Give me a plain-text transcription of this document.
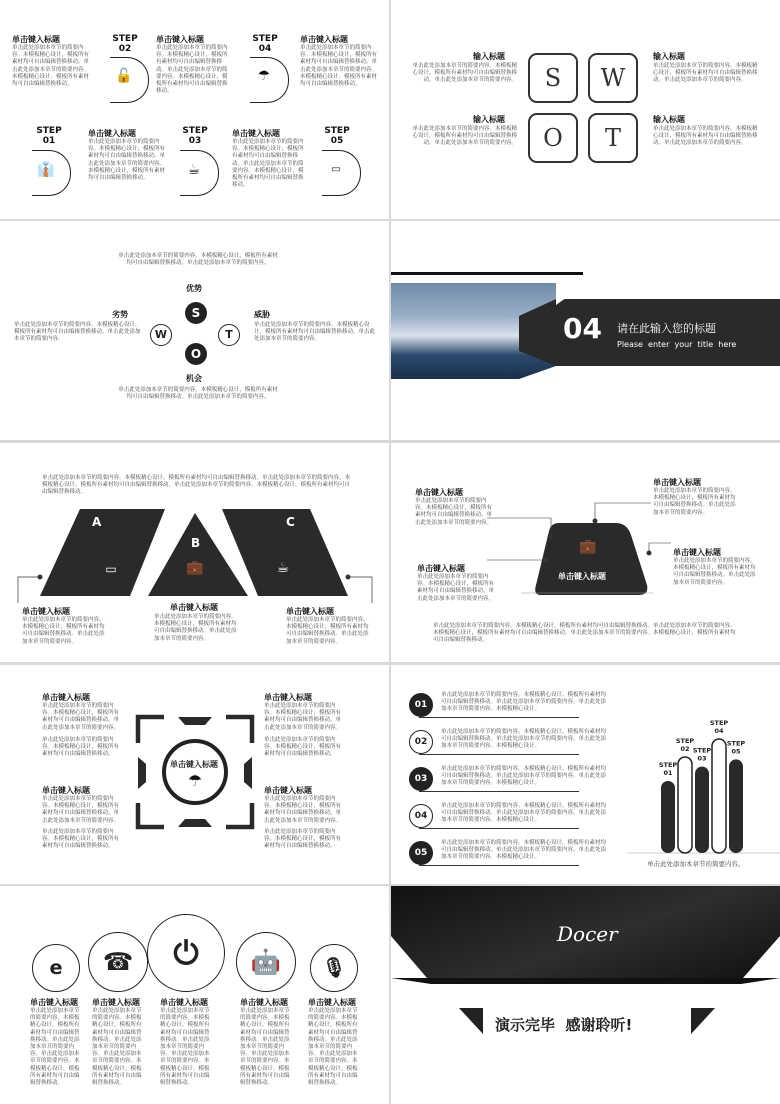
单击键入标题
单击此处添加本章节的简要内容。本模板精心设计，模板所有素材均可自由编辑替换移动。单击此处添加本章节的简要内容。本模板精心设计，模板所有素材均可自由编辑替换移动。
STEP
02
🔓
单击键入标题
单击此处添加本章节的简要内容。本模板精心设计，模板所有素材均可自由编辑替换移动。单击此处添加本章节的简要内容。本模板精心设计，模板所有素材均可自由编辑替换移动。
STEP
04
☂
单击键入标题
单击此处添加本章节的简要内容。本模板精心设计，模板所有素材均可自由编辑替换移动。单击此处添加本章节的简要内容。本模板精心设计，模板所有素材均可自由编辑替换移动。
STEP
01
👔
单击键入标题
单击此处添加本章节的简要内容。本模板精心设计，模板所有素材均可自由编辑替换移动。单击此处添加本章节的简要内容。本模板精心设计，模板所有素材均可自由编辑替换移动。
STEP
03
☕
单击键入标题
单击此处添加本章节的简要内容。本模板精心设计，模板所有素材均可自由编辑替换移动。单击此处添加本章节的简要内容。本模板精心设计，模板所有素材均可自由编辑替换移动。
STEP
05
▭
S	W
O	T
输入标题
单击此处添加本章节的简要内容。本模板精心设计，模板所有素材均可自由编辑替换移动。单击此处添加本章节的简要内容。
输入标题
单击此处添加本章节的简要内容。本模板精心设计，模板所有素材均可自由编辑替换移动。单击此处添加本章节的简要内容。
输入标题
单击此处添加本章节的简要内容。本模板精心设计，模板所有素材均可自由编辑替换移动。单击此处添加本章节的简要内容。
输入标题
单击此处添加本章节的简要内容。本模板精心设计，模板所有素材均可自由编辑替换移动。单击此处添加本章节的简要内容。
单击此处添加本章节的简要内容。本模板精心设计，模板所有素材均可自由编辑替换移动。单击此处添加本章节的简要内容。
优势
S
W	T
O
劣势
单击此处添加本章节的简要内容。本模板精心设计，模板所有素材均可自由编辑替换移动。单击此处添加本章节的简要内容。
威胁
单击此处添加本章节的简要内容。本模板精心设计，模板所有素材均可自由编辑替换移动。单击此处添加本章节的简要内容。
机会
单击此处添加本章节的简要内容。本模板精心设计，模板所有素材均可自由编辑替换移动。单击此处添加本章节的简要内容。
04 请在此输入您的标题
Please  enter  your  title  here
单击此处添加本章节的简要内容。本模板精心设计，模板所有素材均可自由编辑替换移动。单击此处添加本章节的简要内容。本模板精心设计，模板所有素材均可自由编辑替换移动。单击此处添加本章节的简要内容。本模板精心设计，模板所有素材均可自由编辑替换移动。
A
B
C
▭	💼	☕
单击键入标题
单击此处添加本章节的简要内容。本模板精心设计，模板所有素材均可自由编辑替换移动。单击此处添加本章节的简要内容。
单击键入标题
单击此处添加本章节的简要内容。本模板精心设计，模板所有素材均可自由编辑替换移动。单击此处添加本章节的简要内容。
单击键入标题
单击此处添加本章节的简要内容。本模板精心设计，模板所有素材均可自由编辑替换移动。单击此处添加本章节的简要内容。
💼
单击键入标题
单击键入标题
单击此处添加本章节的简要内容。本模板精心设计，模板所有素材均可自由编辑替换移动。单击此处添加本章节的简要内容。
单击键入标题
单击此处添加本章节的简要内容。本模板精心设计，模板所有素材均可自由编辑替换移动。单击此处添加本章节的简要内容。
单击键入标题
单击此处添加本章节的简要内容。本模板精心设计，模板所有素材均可自由编辑替换移动。单击此处添加本章节的简要内容。
单击键入标题
单击此处添加本章节的简要内容。本模板精心设计，模板所有素材均可自由编辑替换移动。单击此处添加本章节的简要内容。
单击此处添加本章节的简要内容。本模板精心设计，模板所有素材均可自由编辑替换移动。单击此处添加本章节的简要内容。本模板精心设计，模板所有素材均可自由编辑替换移动。单击此处添加本章节的简要内容。本模板精心设计，模板所有素材均可自由编辑替换移动。
单击键入标题
☂
单击键入标题
单击此处添加本章节的简要内容。本模板精心设计，模板所有素材均可自由编辑替换移动。单击此处添加本章节的简要内容。
单击此处添加本章节的简要内容。本模板精心设计，模板所有素材均可自由编辑替换移动。
单击键入标题
单击此处添加本章节的简要内容。本模板精心设计，模板所有素材均可自由编辑替换移动。单击此处添加本章节的简要内容。
单击此处添加本章节的简要内容。本模板精心设计，模板所有素材均可自由编辑替换移动。
单击键入标题
单击此处添加本章节的简要内容。本模板精心设计，模板所有素材均可自由编辑替换移动。单击此处添加本章节的简要内容。
单击此处添加本章节的简要内容。本模板精心设计，模板所有素材均可自由编辑替换移动。
单击键入标题
单击此处添加本章节的简要内容。本模板精心设计，模板所有素材均可自由编辑替换移动。单击此处添加本章节的简要内容。
单击此处添加本章节的简要内容。本模板精心设计，模板所有素材均可自由编辑替换移动。
01
单击此处添加本章节的简要内容。本模板精心设计，模板所有素材均可自由编辑替换移动。单击此处添加本章节的简要内容。单击此处添加本章节的简要内容。本模板精心设计。
02
单击此处添加本章节的简要内容。本模板精心设计，模板所有素材均可自由编辑替换移动。单击此处添加本章节的简要内容。单击此处添加本章节的简要内容。本模板精心设计。
03
单击此处添加本章节的简要内容。本模板精心设计，模板所有素材均可自由编辑替换移动。单击此处添加本章节的简要内容。单击此处添加本章节的简要内容。本模板精心设计。
04
单击此处添加本章节的简要内容。本模板精心设计，模板所有素材均可自由编辑替换移动。单击此处添加本章节的简要内容。单击此处添加本章节的简要内容。本模板精心设计。
05
单击此处添加本章节的简要内容。本模板精心设计，模板所有素材均可自由编辑替换移动。单击此处添加本章节的简要内容。单击此处添加本章节的简要内容。本模板精心设计。
STEP
01
STEP
02 STEP
03
STEP
04
STEP
05
单击此处添加本章节的简要内容。
e
单击键入标题
单击此处添加本章节的简要内容。本模板精心设计，模板所有素材均可自由编辑替换移动。单击此处添加本章节的简要内容。单击此处添加本章节的简要内容。本模板精心设计，模板所有素材均可自由编辑替换移动。
☎
单击键入标题
单击此处添加本章节的简要内容。本模板精心设计，模板所有素材均可自由编辑替换移动。单击此处添加本章节的简要内容。单击此处添加本章节的简要内容。本模板精心设计，模板所有素材均可自由编辑替换移动。
⏻
单击键入标题
单击此处添加本章节的简要内容。本模板精心设计，模板所有素材均可自由编辑替换移动。单击此处添加本章节的简要内容。单击此处添加本章节的简要内容。本模板精心设计，模板所有素材均可自由编辑替换移动。
🤖
单击键入标题
单击此处添加本章节的简要内容。本模板精心设计，模板所有素材均可自由编辑替换移动。单击此处添加本章节的简要内容。单击此处添加本章节的简要内容。本模板精心设计，模板所有素材均可自由编辑替换移动。
🎙
单击键入标题
单击此处添加本章节的简要内容。本模板精心设计，模板所有素材均可自由编辑替换移动。单击此处添加本章节的简要内容。单击此处添加本章节的简要内容。本模板精心设计，模板所有素材均可自由编辑替换移动。
Docer
演示完毕  感谢聆听!
